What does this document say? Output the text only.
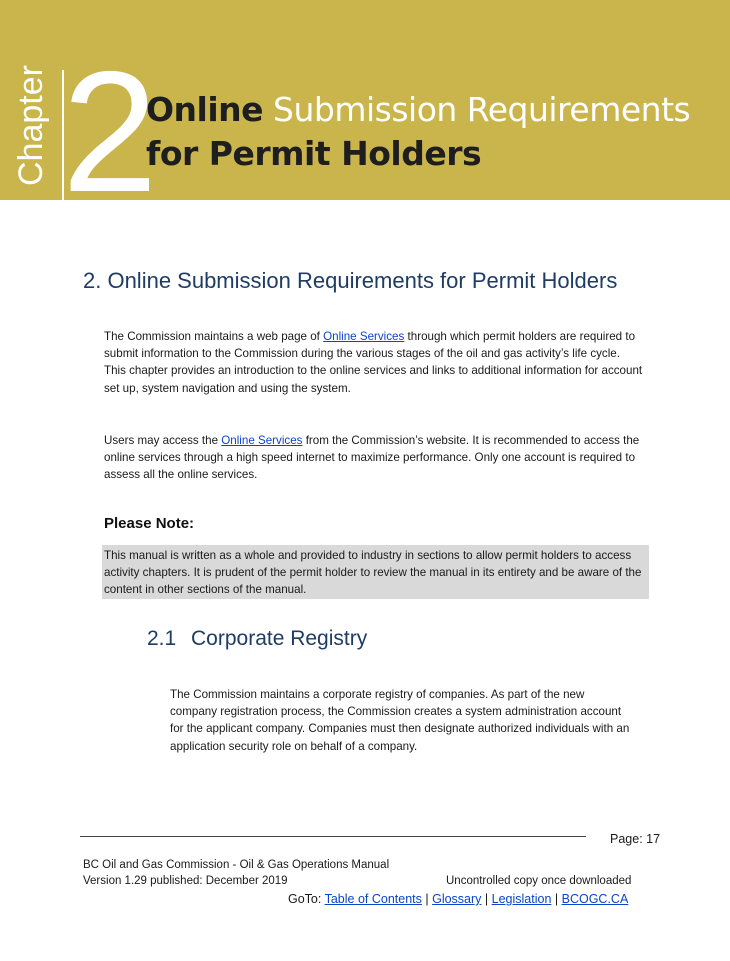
Chapter 2
Online Submission Requirements
for Permit Holders
2. Online Submission Requirements for Permit Holders
The Commission maintains a web page of Online Services through which permit holders are required to submit information to the Commission during the various stages of the oil and gas activity’s life cycle. This chapter provides an introduction to the online services and links to additional information for account set up, system navigation and using the system.
Users may access the Online Services from the Commission’s website. It is recommended to access the online services through a high speed internet to maximize performance. Only one account is required to assess all the online services.
Please Note:
This manual is written as a whole and provided to industry in sections to allow permit holders to access activity chapters. It is prudent of the permit holder to review the manual in its entirety and be aware of the content in other sections of the manual.
2.1 Corporate Registry
The Commission maintains a corporate registry of companies. As part of the new company registration process, the Commission creates a system administration account for the applicant company. Companies must then designate authorized individuals with an application security role on behalf of a company.
Page: 17
BC Oil and Gas Commission - Oil & Gas Operations Manual
Version 1.29 published: December 2019	Uncontrolled copy once downloaded
GoTo: Table of Contents | Glossary | Legislation | BCOGC.CA
